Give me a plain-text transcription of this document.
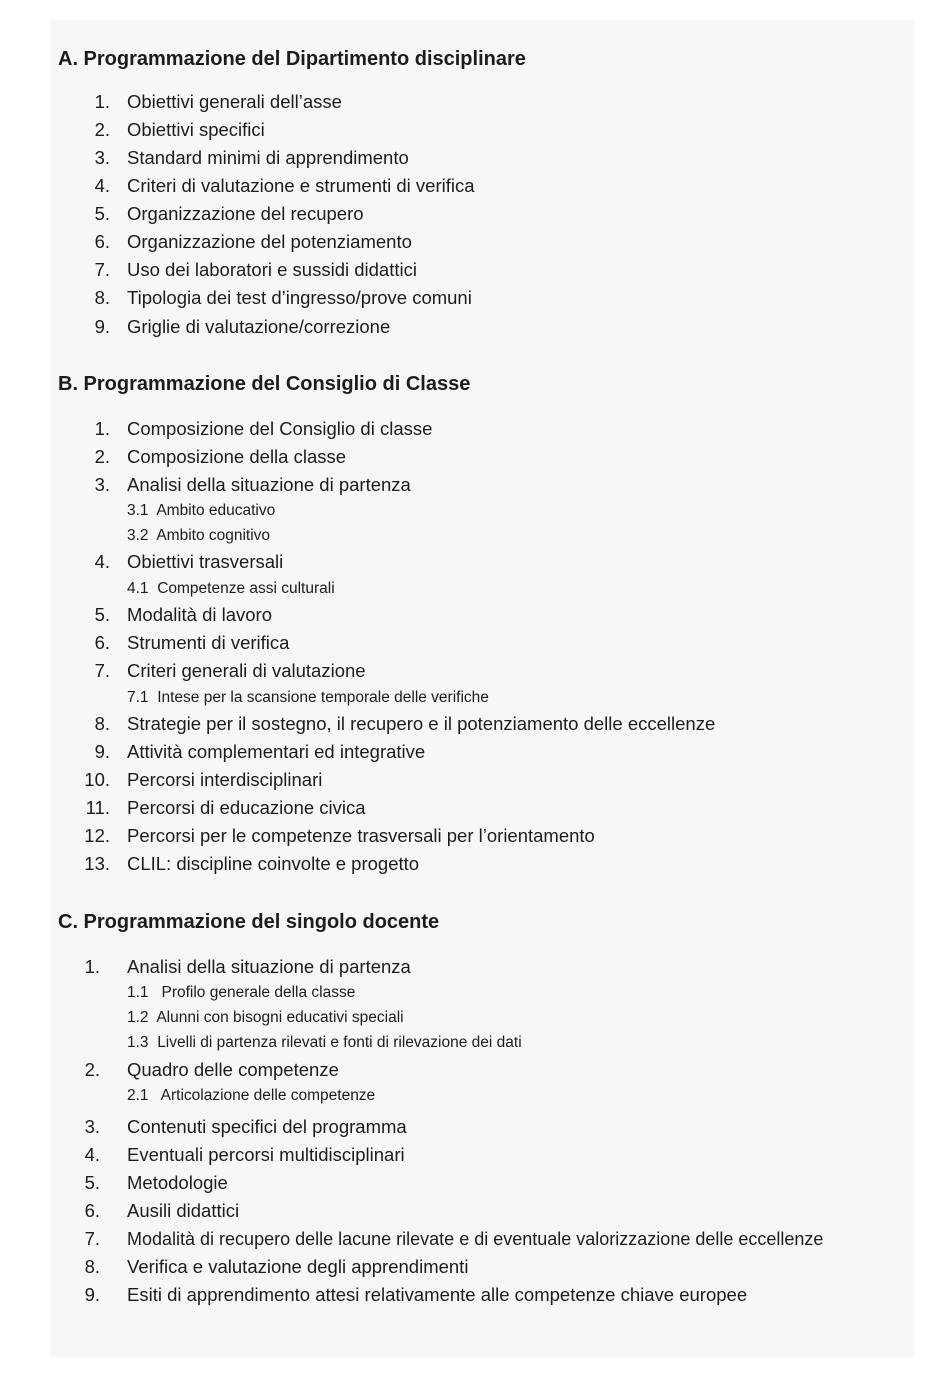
A. Programmazione del Dipartimento disciplinare
1. Obiettivi generali dell’asse
2. Obiettivi specifici
3. Standard minimi di apprendimento
4. Criteri di valutazione e strumenti di verifica
5. Organizzazione del recupero
6. Organizzazione del potenziamento
7. Uso dei laboratori e sussidi didattici
8. Tipologia dei test d’ingresso/prove comuni
9. Griglie di valutazione/correzione
B. Programmazione del Consiglio di Classe
1. Composizione del Consiglio di classe
2. Composizione della classe
3. Analisi della situazione di partenza
3.1 Ambito educativo
3.2 Ambito cognitivo
4. Obiettivi trasversali
4.1 Competenze assi culturali
5. Modalità di lavoro
6. Strumenti di verifica
7. Criteri generali di valutazione
7.1 Intese per la scansione temporale delle verifiche
8. Strategie per il sostegno, il recupero e il potenziamento delle eccellenze
9. Attività complementari ed integrative
10. Percorsi interdisciplinari
11. Percorsi di educazione civica
12. Percorsi per le competenze trasversali per l’orientamento
13. CLIL: discipline coinvolte e progetto
C. Programmazione del singolo docente
1. Analisi della situazione di partenza
1.1 Profilo generale della classe
1.2 Alunni con bisogni educativi speciali
1.3 Livelli di partenza rilevati e fonti di rilevazione dei dati
2. Quadro delle competenze
2.1 Articolazione delle competenze
3. Contenuti specifici del programma
4. Eventuali percorsi multidisciplinari
5. Metodologie
6. Ausili didattici
7. Modalità di recupero delle lacune rilevate e di eventuale valorizzazione delle eccellenze
8. Verifica e valutazione degli apprendimenti
9. Esiti di apprendimento attesi relativamente alle competenze chiave europee
